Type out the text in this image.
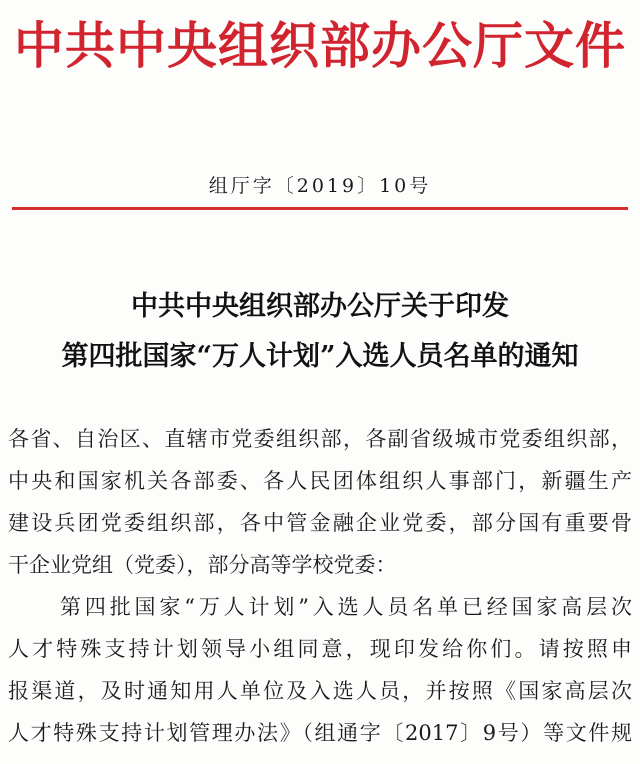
中共中央组织部办公厅文件
组厅字〔2019〕10号
中共中央组织部办公厅关于印发
第四批国家“万人计划”入选人员名单的通知
各省、自治区、直辖市党委组织部，各副省级城市党委组织部，
中央和国家机关各部委、各人民团体组织人事部门，新疆生产
建设兵团党委组织部，各中管金融企业党委，部分国有重要骨
干企业党组（党委），部分高等学校党委：
第四批国家“万人计划”入选人员名单已经国家高层次
人才特殊支持计划领导小组同意，现印发给你们。请按照申
报渠道，及时通知用人单位及入选人员，并按照《国家高层次
人才特殊支持计划管理办法》（组通字〔2017〕9号）等文件规
